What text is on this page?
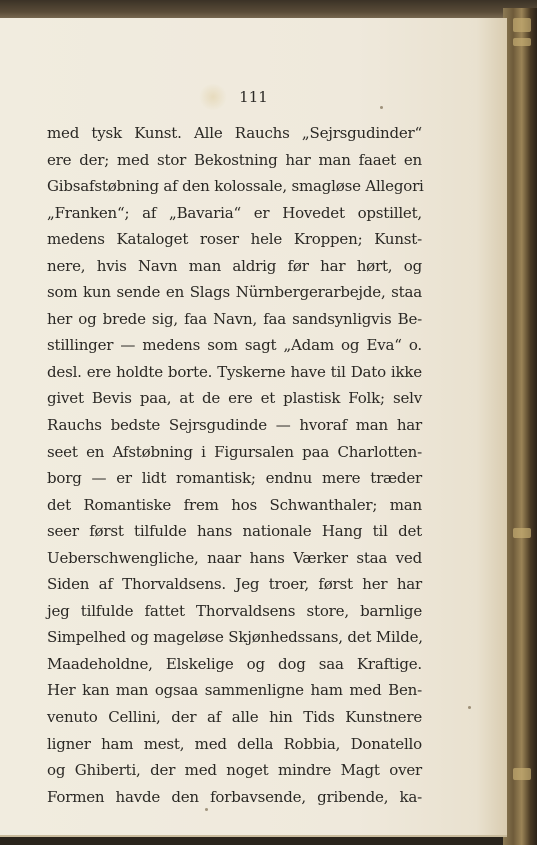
111
med tysk Kunst. Alle Rauchs „Sejrsgudinder“
ere der; med stor Bekostning har man faaet en
Gibsafstøbning af den kolossale, smagløse Allegori
„Franken“; af „Bavaria“ er Hovedet opstillet,
medens Kataloget roser hele Kroppen; Kunst-
nere, hvis Navn man aldrig før har hørt, og
som kun sende en Slags Nürnbergerarbejde, staa
her og brede sig, faa Navn, faa sandsynligvis Be-
stillinger — medens som sagt „Adam og Eva“ o.
desl. ere holdte borte. Tyskerne have til Dato ikke
givet Bevis paa, at de ere et plastisk Folk; selv
Rauchs bedste Sejrsgudinde — hvoraf man har
seet en Afstøbning i Figursalen paa Charlotten-
borg — er lidt romantisk; endnu mere træder
det Romantiske frem hos Schwanthaler; man
seer først tilfulde hans nationale Hang til det
Ueberschwengliche, naar hans Værker staa ved
Siden af Thorvaldsens. Jeg troer, først her har
jeg tilfulde fattet Thorvaldsens store, barnlige
Simpelhed og mageløse Skjønhedssans, det Milde,
Maadeholdne, Elskelige og dog saa Kraftige.
Her kan man ogsaa sammenligne ham med Ben-
venuto Cellini, der af alle hin Tids Kunstnere
ligner ham mest, med della Robbia, Donatello
og Ghiberti, der med noget mindre Magt over
Formen havde den forbavsende, gribende, ka-
